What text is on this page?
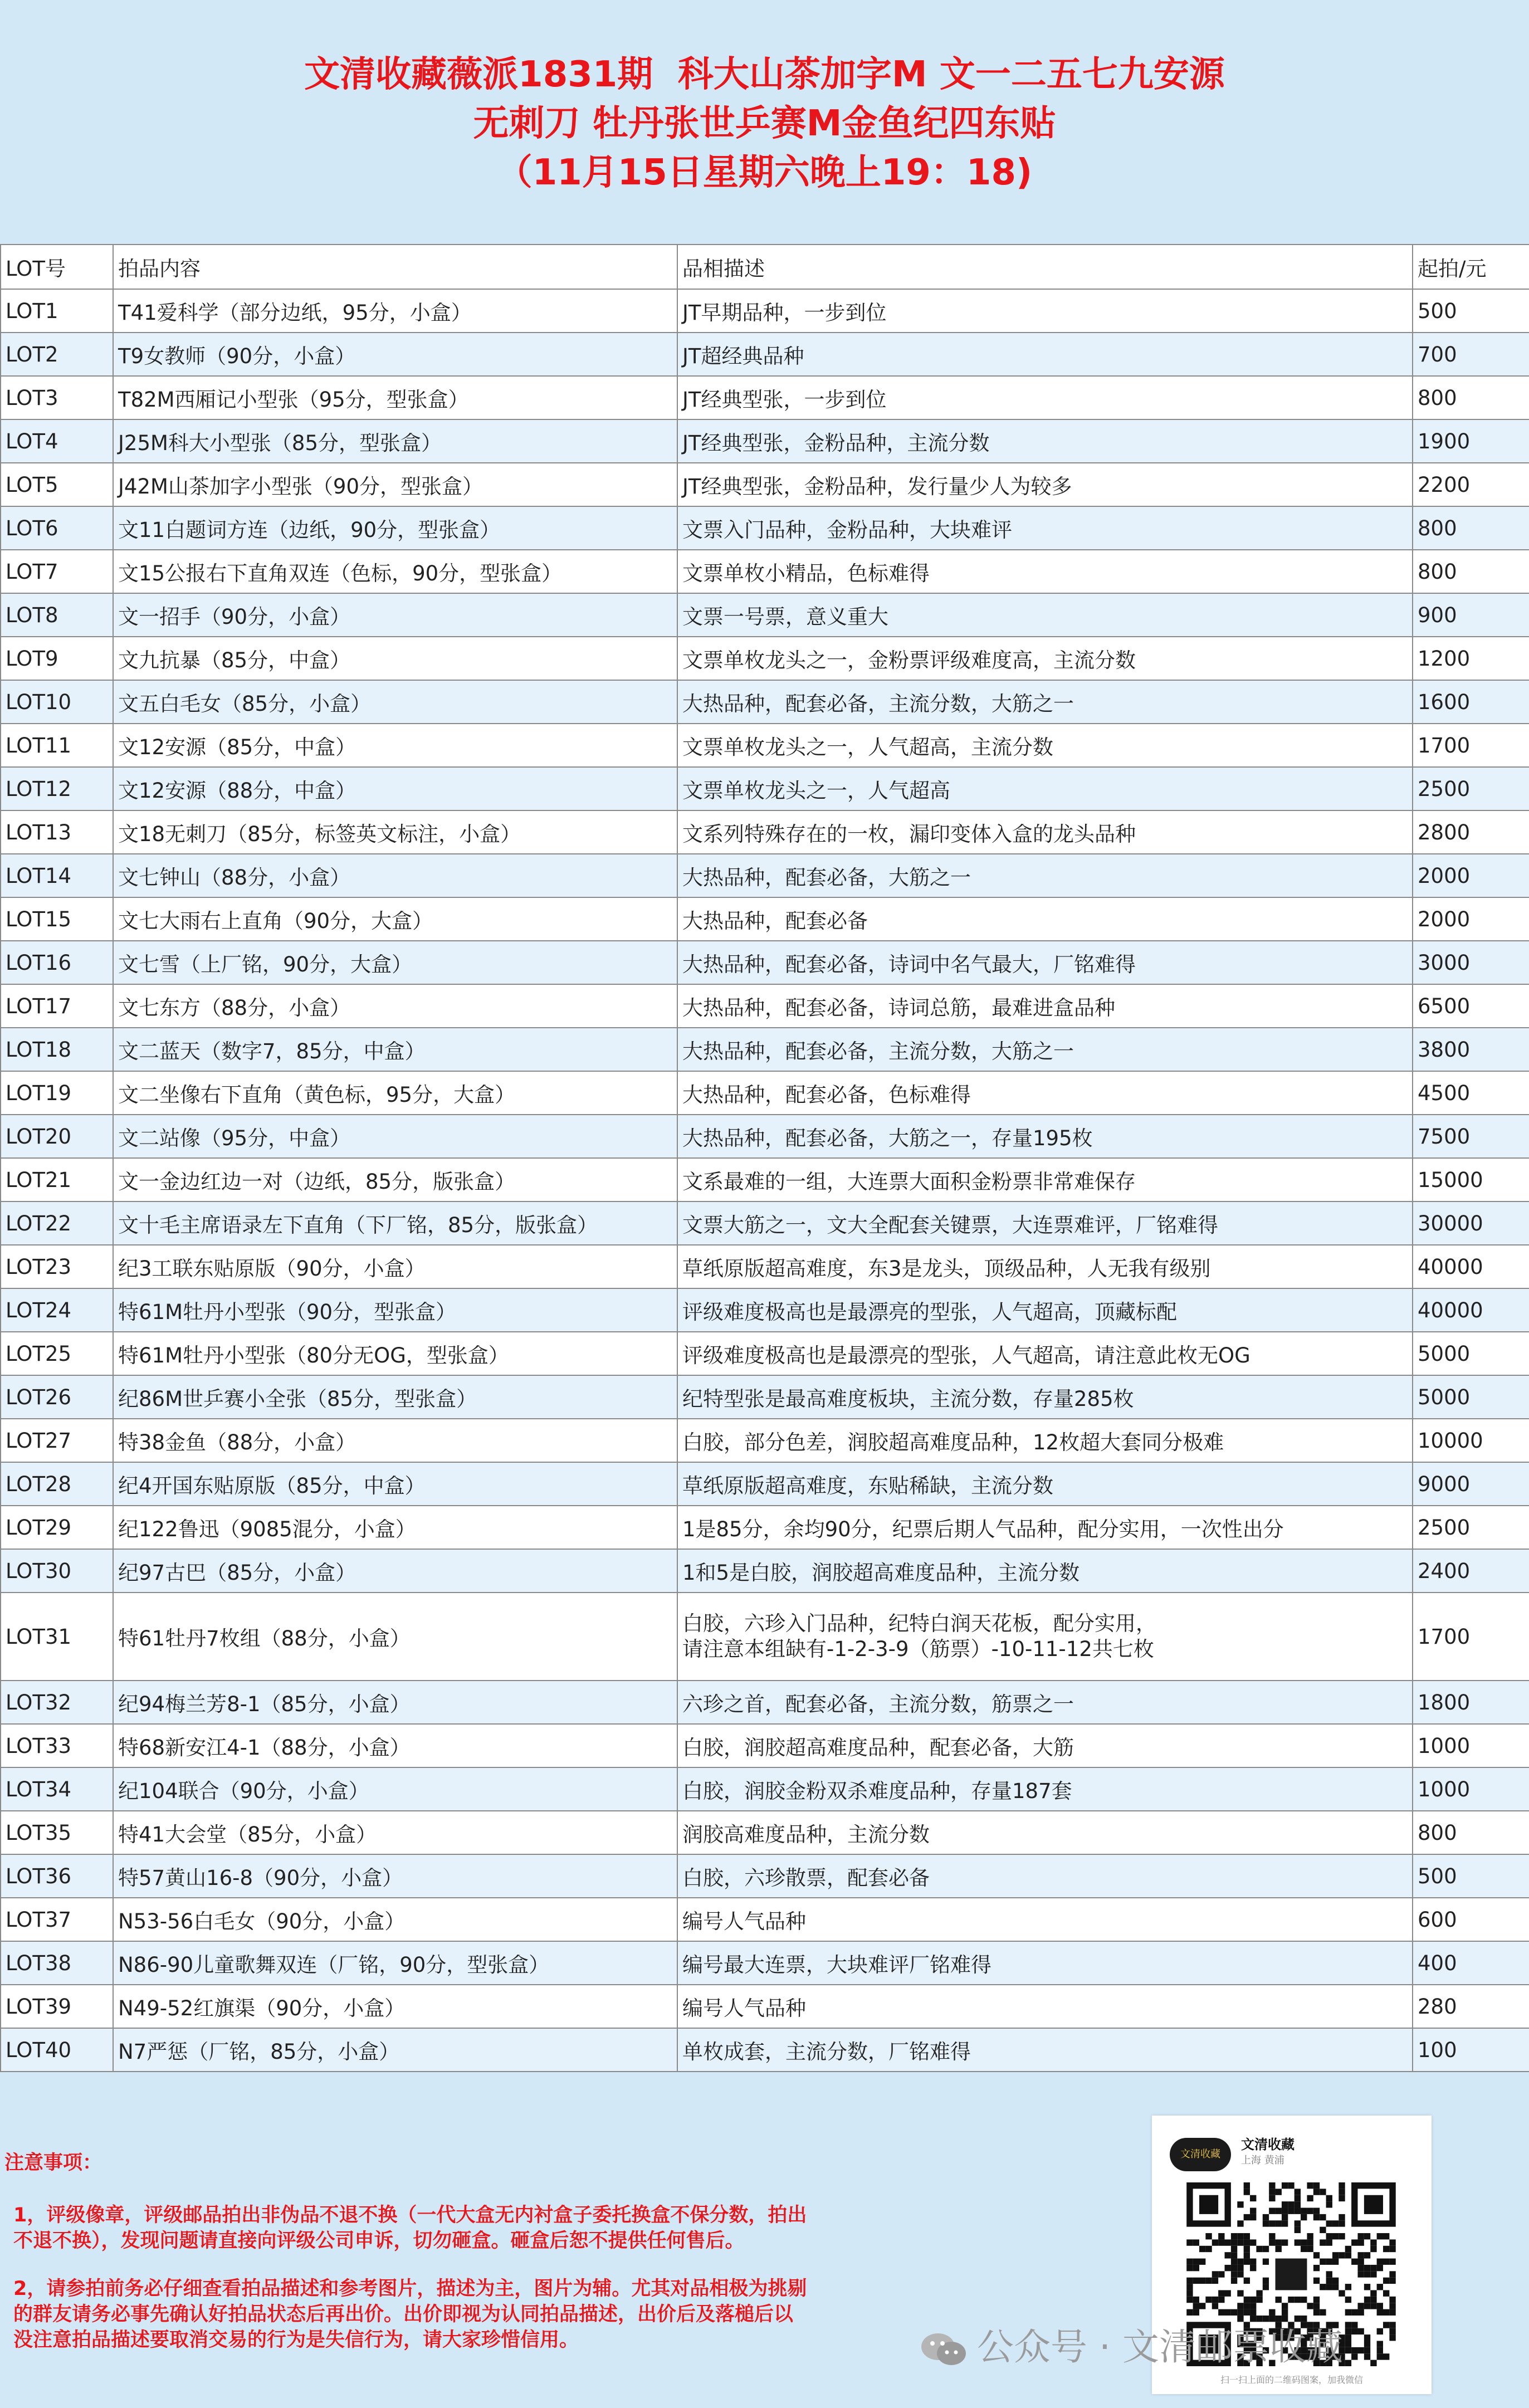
文清收藏薇派1831期  科大山茶加字M 文一二五七九安源
无刺刀 牡丹张世乒赛M金鱼纪四东贴
（11月15日星期六晚上19：18)
LOT号	拍品内容	品相描述	起拍/元
LOT1	T41爱科学（部分边纸，95分，小盒）	JT早期品种，一步到位	500
LOT2	T9女教师（90分，小盒）	JT超经典品种	700
LOT3	T82M西厢记小型张（95分，型张盒）	JT经典型张，一步到位	800
LOT4	J25M科大小型张（85分，型张盒）	JT经典型张，金粉品种，主流分数	1900
LOT5	J42M山茶加字小型张（90分，型张盒）	JT经典型张，金粉品种，发行量少人为较多	2200
LOT6	文11白题词方连（边纸，90分，型张盒）	文票入门品种，金粉品种，大块难评	800
LOT7	文15公报右下直角双连（色标，90分，型张盒）	文票单枚小精品，色标难得	800
LOT8	文一招手（90分，小盒）	文票一号票，意义重大	900
LOT9	文九抗暴（85分，中盒）	文票单枚龙头之一，金粉票评级难度高，主流分数	1200
LOT10	文五白毛女（85分，小盒）	大热品种，配套必备，主流分数，大筋之一	1600
LOT11	文12安源（85分，中盒）	文票单枚龙头之一，人气超高，主流分数	1700
LOT12	文12安源（88分，中盒）	文票单枚龙头之一，人气超高	2500
LOT13	文18无刺刀（85分，标签英文标注，小盒）	文系列特殊存在的一枚，漏印变体入盒的龙头品种	2800
LOT14	文七钟山（88分，小盒）	大热品种，配套必备，大筋之一	2000
LOT15	文七大雨右上直角（90分，大盒）	大热品种，配套必备	2000
LOT16	文七雪（上厂铭，90分，大盒）	大热品种，配套必备，诗词中名气最大，厂铭难得	3000
LOT17	文七东方（88分，小盒）	大热品种，配套必备，诗词总筋，最难进盒品种	6500
LOT18	文二蓝天（数字7，85分，中盒）	大热品种，配套必备，主流分数，大筋之一	3800
LOT19	文二坐像右下直角（黄色标，95分，大盒）	大热品种，配套必备，色标难得	4500
LOT20	文二站像（95分，中盒）	大热品种，配套必备，大筋之一，存量195枚	7500
LOT21	文一金边红边一对（边纸，85分，版张盒）	文系最难的一组，大连票大面积金粉票非常难保存	15000
LOT22	文十毛主席语录左下直角（下厂铭，85分，版张盒）	文票大筋之一，文大全配套关键票，大连票难评，厂铭难得	30000
LOT23	纪3工联东贴原版（90分，小盒）	草纸原版超高难度，东3是龙头，顶级品种，人无我有级别	40000
LOT24	特61M牡丹小型张（90分，型张盒）	评级难度极高也是最漂亮的型张，人气超高，顶藏标配	40000
LOT25	特61M牡丹小型张（80分无OG，型张盒）	评级难度极高也是最漂亮的型张，人气超高，请注意此枚无OG	5000
LOT26	纪86M世乒赛小全张（85分，型张盒）	纪特型张是最高难度板块，主流分数，存量285枚	5000
LOT27	特38金鱼（88分，小盒）	白胶，部分色差，润胶超高难度品种，12枚超大套同分极难	10000
LOT28	纪4开国东贴原版（85分，中盒）	草纸原版超高难度，东贴稀缺，主流分数	9000
LOT29	纪122鲁迅（9085混分，小盒）	1是85分，余均90分，纪票后期人气品种，配分实用，一次性出分	2500
LOT30	纪97古巴（85分，小盒）	1和5是白胶，润胶超高难度品种，主流分数	2400
LOT31	特61牡丹7枚组（88分，小盒）	白胶，六珍入门品种，纪特白润天花板，配分实用，
请注意本组缺有-1-2-3-9（筋票）-10-11-12共七枚	1700
LOT32	纪94梅兰芳8-1（85分，小盒）	六珍之首，配套必备，主流分数，筋票之一	1800
LOT33	特68新安江4-1（88分，小盒）	白胶，润胶超高难度品种，配套必备，大筋	1000
LOT34	纪104联合（90分，小盒）	白胶，润胶金粉双杀难度品种，存量187套	1000
LOT35	特41大会堂（85分，小盒）	润胶高难度品种，主流分数	800
LOT36	特57黄山16-8（90分，小盒）	白胶，六珍散票，配套必备	500
LOT37	N53-56白毛女（90分，小盒）	编号人气品种	600
LOT38	N86-90儿童歌舞双连（厂铭，90分，型张盒）	编号最大连票，大块难评厂铭难得	400
LOT39	N49-52红旗渠（90分，小盒）	编号人气品种	280
LOT40	N7严惩（厂铭，85分，小盒）	单枚成套，主流分数，厂铭难得	100
注意事项：
1，评级像章，评级邮品拍出非伪品不退不换（一代大盒无内衬盒子委托换盒不保分数，拍出
不退不换），发现问题请直接向评级公司申诉，切勿砸盒。砸盒后恕不提供任何售后。
2，请参拍前务必仔细查看拍品描述和参考图片，描述为主，图片为辅。尤其对品相极为挑剔
的群友请务必事先确认好拍品状态后再出价。出价即视为认同拍品描述，出价后及落槌后以
没注意拍品描述要取消交易的行为是失信行为，请大家珍惜信用。
文清收藏
文清收藏
上海 黄浦
扫一扫上面的二维码图案，加我微信
公众号 · 文清邮票收藏
